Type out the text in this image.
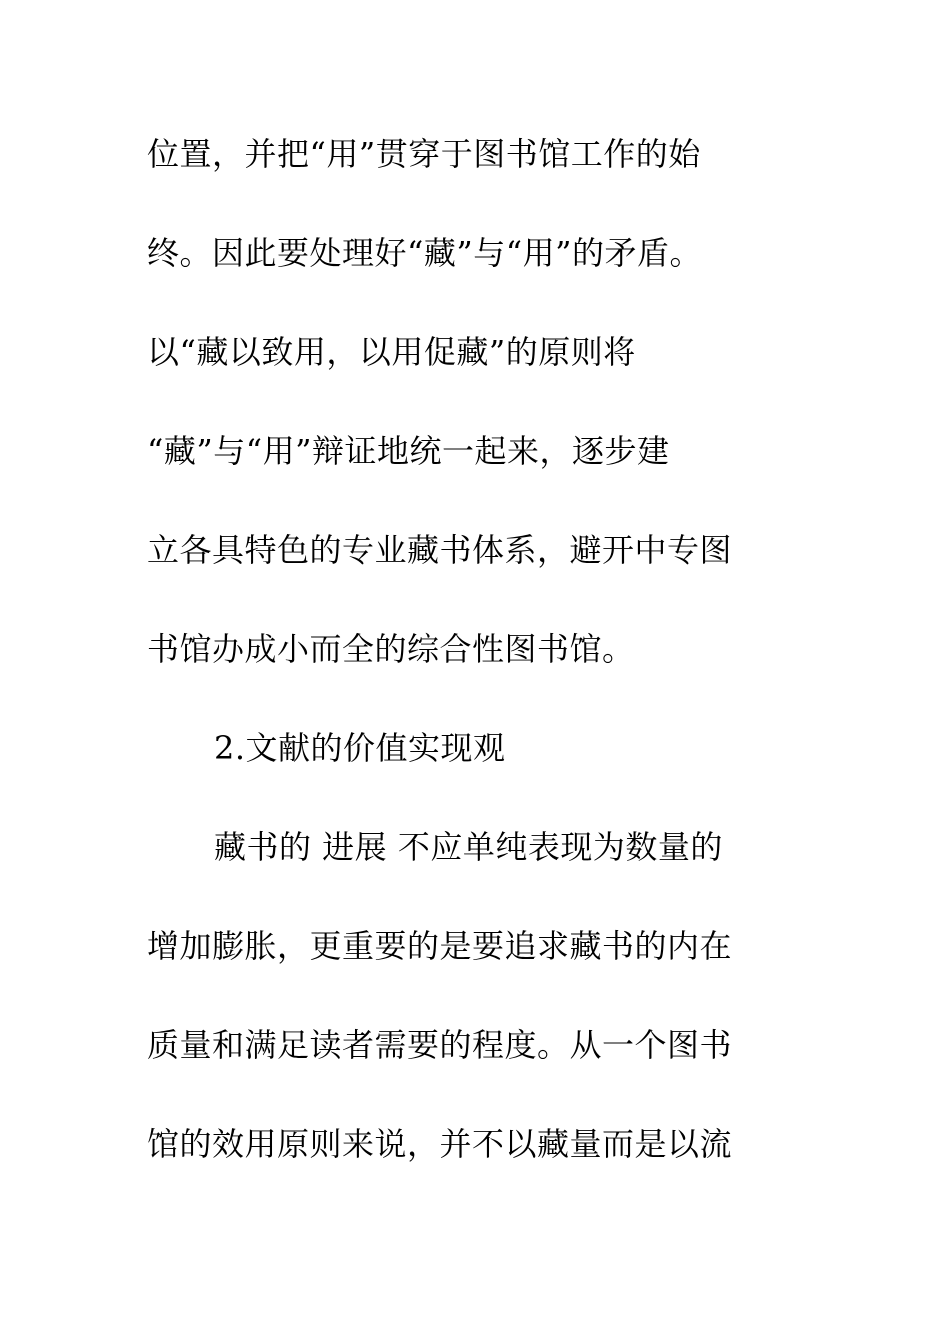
位置，并把“用”贯穿于图书馆工作的始
终。因此要处理好“藏”与“用”的矛盾。
以“藏以致用，以用促藏”的原则将
“藏”与“用”辩证地统一起来，逐步建
立各具特色的专业藏书体系，避开中专图
书馆办成小而全的综合性图书馆。
2.文献的价值实现观
藏书的 进展 不应单纯表现为数量的
增加膨胀，更重要的是要追求藏书的内在
质量和满足读者需要的程度。从一个图书
馆的效用原则来说，并不以藏量而是以流
